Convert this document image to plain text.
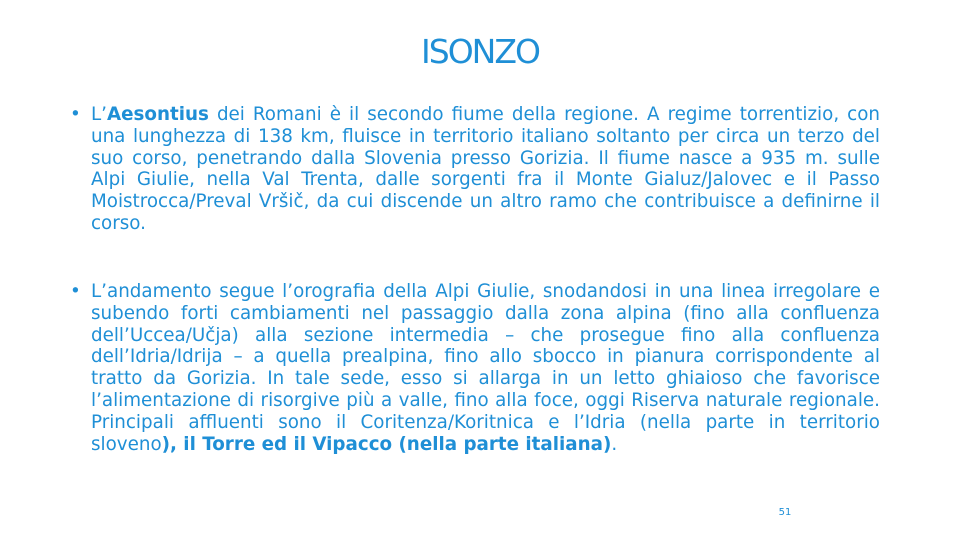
ISONZO
• L’Aesontius dei Romani è il secondo fiume della regione. A regime torrentizio, con una lunghezza di 138 km, fluisce in territorio italiano soltanto per circa un terzo del suo corso, penetrando dalla Slovenia presso Gorizia. Il fiume nasce a 935 m. sulle Alpi Giulie, nella Val Trenta, dalle sorgenti fra il Monte Gialuz/Jalovec e il Passo Moistrocca/Preval Vršič, da cui discende un altro ramo che contribuisce a definirne il corso.
• L’andamento segue l’orografia della Alpi Giulie, snodandosi in una linea irregolare e subendo forti cambiamenti nel passaggio dalla zona alpina (fino alla confluenza dell’Uccea/Učja) alla sezione intermedia – che prosegue fino alla confluenza dell’Idria/Idrija – a quella prealpina, fino allo sbocco in pianura corrispondente al tratto da Gorizia. In tale sede, esso si allarga in un letto ghiaioso che favorisce l’alimentazione di risorgive più a valle, fino alla foce, oggi Riserva naturale regionale. Principali affluenti sono il Coritenza/Koritnica e l’Idria (nella parte in territorio sloveno), il Torre ed il Vipacco (nella parte italiana).
51
